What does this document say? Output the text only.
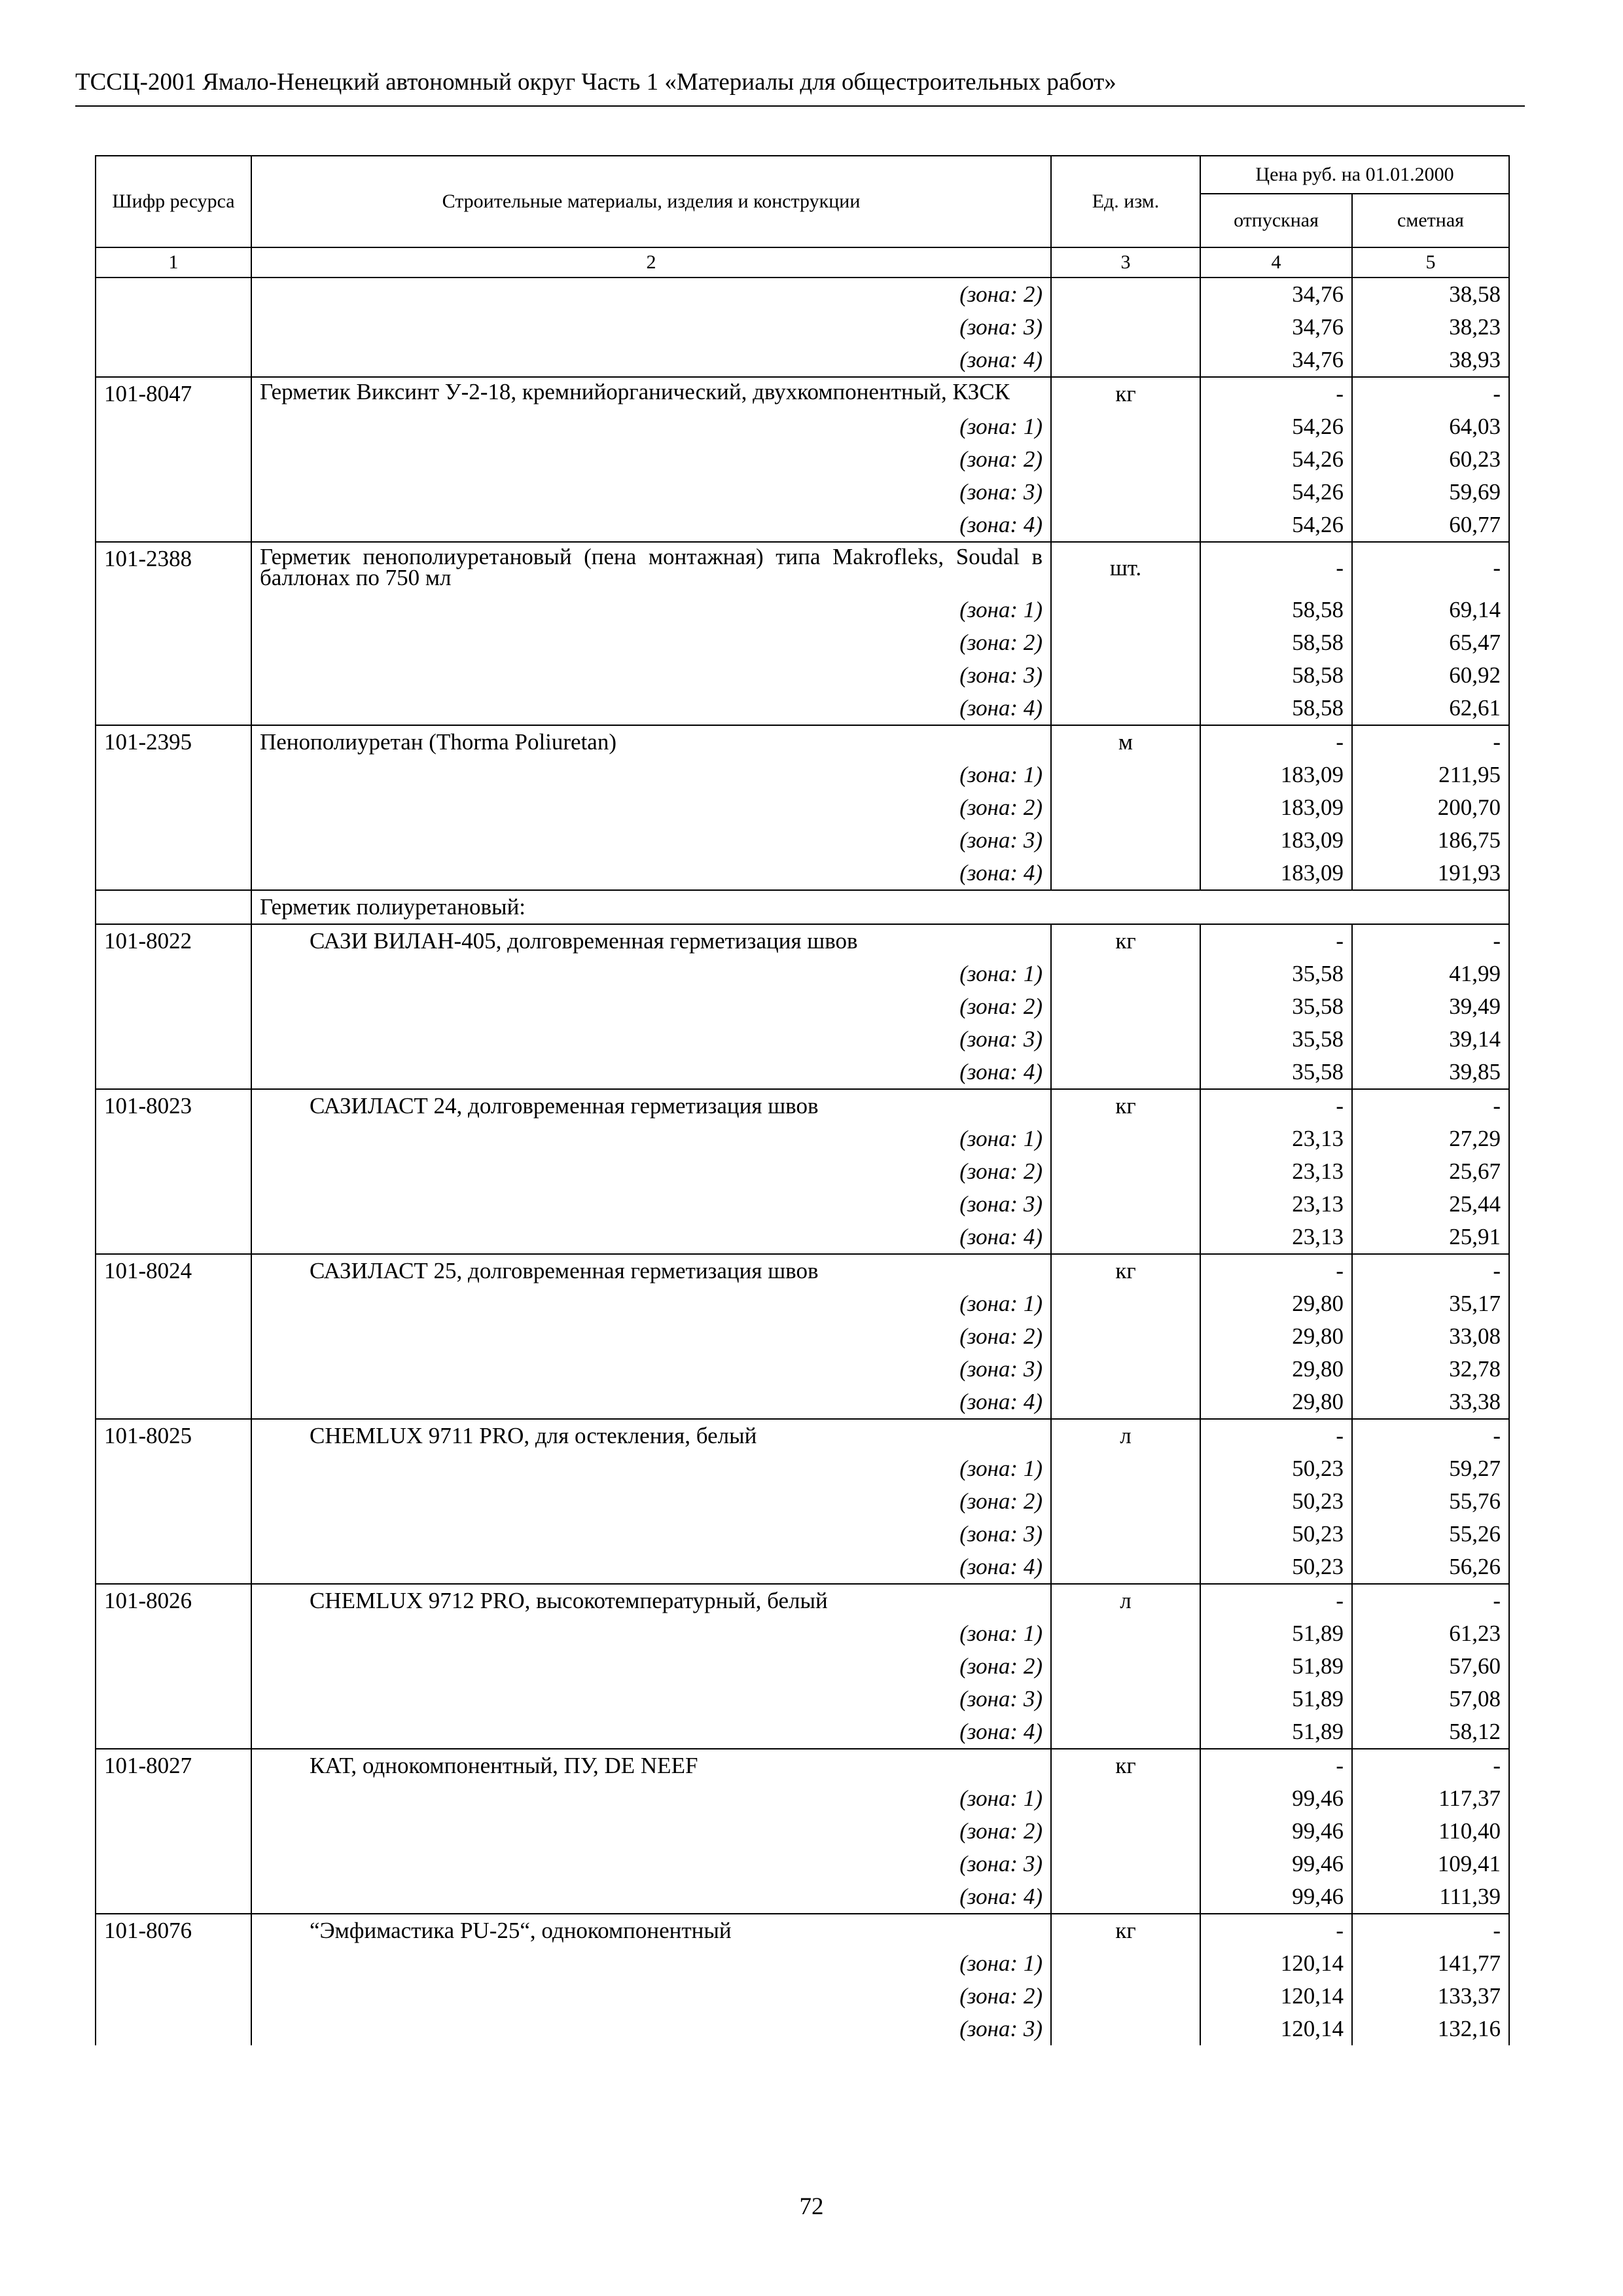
ТССЦ-2001 Ямало-Ненецкий автономный округ Часть 1 «Материалы для общестроительных работ»
Шифр ресурса	Строительные материалы, изделия и конструкции	Ед. изм.	Цена руб. на 01.01.2000	
			отпускная	сметная
1	2	3	4	5
	(зона: 2)		34,76	38,58
	(зона: 3)		34,76	38,23
	(зона: 4)		34,76	38,93
101-8047	Герметик Виксинт У-2-18, кремнийорганический, двухкомпонентный, КЗСК	кг	-	-
	(зона: 1)		54,26	64,03
	(зона: 2)		54,26	60,23
	(зона: 3)		54,26	59,69
	(зона: 4)		54,26	60,77
101-2388	Герметик пенополиуретановый (пена монтажная) типа Makrofleks, Soudal в баллонах по 750 мл	шт.	-	-
	(зона: 1)		58,58	69,14
	(зона: 2)		58,58	65,47
	(зона: 3)		58,58	60,92
	(зона: 4)		58,58	62,61
101-2395	Пенополиуретан (Thorma Poliuretan)	м	-	-
	(зона: 1)		183,09	211,95
	(зона: 2)		183,09	200,70
	(зона: 3)		183,09	186,75
	(зона: 4)		183,09	191,93
	Герметик полиуретановый:			
101-8022	САЗИ ВИЛАН-405, долговременная герметизация швов	кг	-	-
	(зона: 1)		35,58	41,99
	(зона: 2)		35,58	39,49
	(зона: 3)		35,58	39,14
	(зона: 4)		35,58	39,85
101-8023	САЗИЛАСТ 24, долговременная герметизация швов	кг	-	-
	(зона: 1)		23,13	27,29
	(зона: 2)		23,13	25,67
	(зона: 3)		23,13	25,44
	(зона: 4)		23,13	25,91
101-8024	САЗИЛАСТ 25, долговременная герметизация швов	кг	-	-
	(зона: 1)		29,80	35,17
	(зона: 2)		29,80	33,08
	(зона: 3)		29,80	32,78
	(зона: 4)		29,80	33,38
101-8025	CHEMLUX 9711 PRO, для остекления, белый	л	-	-
	(зона: 1)		50,23	59,27
	(зона: 2)		50,23	55,76
	(зона: 3)		50,23	55,26
	(зона: 4)		50,23	56,26
101-8026	CHEMLUX 9712 PRO, высокотемпературный, белый	л	-	-
	(зона: 1)		51,89	61,23
	(зона: 2)		51,89	57,60
	(зона: 3)		51,89	57,08
	(зона: 4)		51,89	58,12
101-8027	КАТ, однокомпонентный, ПУ, DE NEEF	кг	-	-
	(зона: 1)		99,46	117,37
	(зона: 2)		99,46	110,40
	(зона: 3)		99,46	109,41
	(зона: 4)		99,46	111,39
101-8076	“Эмфимастика PU-25“, однокомпонентный	кг	-	-
	(зона: 1)		120,14	141,77
	(зона: 2)		120,14	133,37
	(зона: 3)		120,14	132,16
72
